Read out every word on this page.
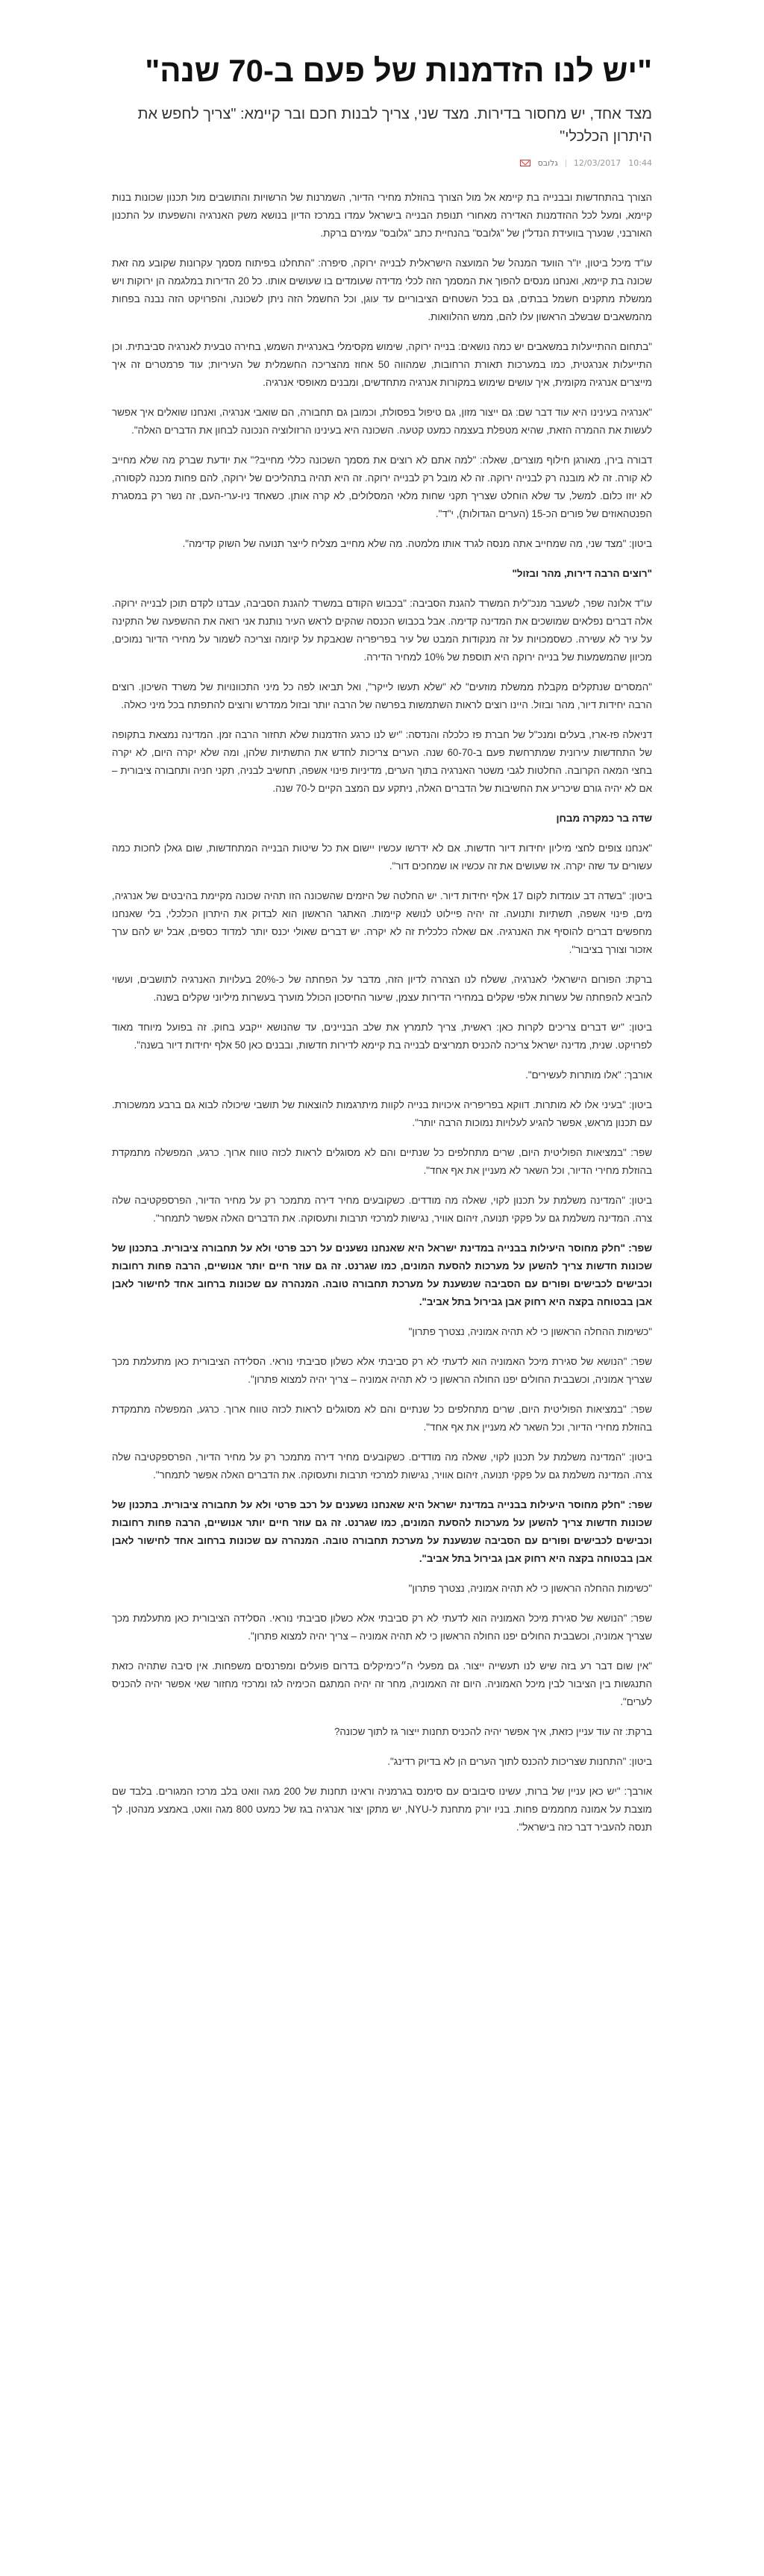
"יש לנו הזדמנות של פעם ב-70 שנה"
מצד אחד, יש מחסור בדירות. מצד שני, צריך לבנות חכם ובר קיימא: "צריך לחפש את היתרון הכלכלי"
10:44
12/03/2017
גלובס

הצורך בהתחדשות ובבנייה בת קיימא אל מול הצורך בהוזלת מחירי הדיור, השמרנות של הרשויות והתושבים מול תכנון שכונות בנות קיימא, ומעל לכל ההזדמנות האדירה מאחורי תנופת הבנייה בישראל עמדו במרכז הדיון בנושא משק האנרגיה והשפעתו על התכנון האורבני, שנערך בוועידת הנדל"ן של "גלובס" בהנחיית כתב "גלובס" עמירם ברקת.

עו"ד מיכל ביטון, יו"ר הוועד המנהל של המועצה הישראלית לבנייה ירוקה, סיפרה: "התחלנו בפיתוח מסמך עקרונות שקובע מה זאת שכונה בת קיימא, ואנחנו מנסים להפוך את המסמך הזה לכלי מדידה שעומדים בו שעושים אותו. כל 20 הדירות במלגמה הן ירוקות ויש ממשלת מתקנים חשמל בבתים, גם בכל השטחים הציבוריים עד עוגן, וכל החשמל הזה ניתן לשכונה, והפרויקט הזה נבנה בפחות מהמשאבים שבשלב הראשון עלו להם, ממש ההלוואות.

"בתחום ההתייעלות במשאבים יש כמה נושאים: בנייה ירוקה, שימוש מקסימלי באנרגיית השמש, בחירה טבעית לאנרגיה סביבתית. וכן התייעלות אנרגטית, כמו במערכות תאורת הרחובות, שמהווה 50 אחוז מהצריכה החשמלית של העיריות; עוד פרמטרים זה איך מייצרים אנרגיה מקומית, איך עושים שימוש במקורות אנרגיה מתחדשים, ומבנים מאופסי אנרגיה.

"אנרגיה בעינינו היא עוד דבר שם: גם ייצור מזון, גם טיפול בפסולת, וכמובן גם תחבורה, הם שואבי אנרגיה, ואנחנו שואלים איך אפשר לעשות את ההמרה הזאת, שהיא מטפלת בעצמה כמעט קטעה. השכונה היא בעינינו הרזולוציה הנכונה לבחון את הדברים האלה".

דבורה בירן, מאורגן חילוף מוצרים, שאלה: "למה אתם לא רוצים את מסמך השכונה כללי מחייב?" את יודעת שברק מה שלא מחייב לא קורה. זה לא מובנה רק לבנייה ירוקה. זה לא מובל רק לבנייה ירוקה. זה היא תהיה בתהליכים של ירוקה, להם פחות מכנה לקסורה, לא יוזו כלום. למשל, עד שלא הוחלט שצריך תקני שחות מלאי המסלולים, לא קרה אותן. כשאחד ניו-ערי-העם, זה נשר רק במסגרת הפנטהאוזים של פורים הכ-15 (הערים הגדולות), י"ד".

ביטון: "מצד שני, מה שמחייב אתה מנסה לגרד אותו מלמטה. מה שלא מחייב מצליח לייצר תנועה של השוק קדימה".

"רוצים הרבה דירות, מהר ובזול"

עו"ד אלונה שפר, לשעבר מנכ"לית המשרד להגנת הסביבה: "בכבוש הקודם במשרד להגנת הסביבה, עבדנו לקדם תוכן לבנייה ירוקה. אלה דברים נפלאים שמושכים את המדינה קדימה. אבל בכבוש הכנסה שהקים לראש העיר נותנת אני רואה את ההשפעה של התקינה על עיר לא עשירה. כשסמכויות על זה מנקודות המבט של עיר בפריפריה שנאבקת על קיומה וצריכה לשמור על מחירי הדיור נמוכים, מכיוון שהמשמעות של בנייה ירוקה היא תוספת של 10% למחיר הדירה.

"המסרים שנתקלים מקבלת ממשלת מוזעים" לא "שלא תעשו לייקר", ואל תביאו לפה כל מיני התכוונויות של משרד השיכון. רוצים הרבה יחידות דיור, מהר ובזול. היינו רוצים לראות השתמשות בפרשה של הרבה יותר ובזול ממדרש ורוצים להתפתח בכל מיני כאלה.

דניאלה פז-ארז, בעלים ומנכ"ל של חברת פז כלכלה והנדסה: "יש לנו כרגע הזדמנות שלא תחזור הרבה זמן. המדינה נמצאת בתקופה של התחדשות עירונית שמתרחשת פעם ב-60-70 שנה. הערים צריכות לחדש את התשתיות שלהן, ומה שלא יקרה היום, לא יקרה בחצי המאה הקרובה. החלטות לגבי משטר האנרגיה בתוך הערים, מדיניות פינוי אשפה, תחשיב לבניה, תקני חניה ותחבורה ציבורית – אם לא יהיה גורם שיכריע את החשיבות של הדברים האלה, ניתקע עם המצב הקיים ל-70 שנה.

שדה בר כמקרה מבחן

"אנחנו צופים לחצי מיליון יחידות דיור חדשות. אם לא ידרשו עכשיו יישום את כל שיטות הבנייה המתחדשות, שום גאלן לחכות כמה עשורים עד שזה יקרה. אז שעושים את זה עכשיו או שמחכים דור".

ביטון: "בשדה דב עומדות לקום 17 אלף יחידות דיור. יש החלטה של היזמים שהשכונה הזו תהיה שכונה מקיימת בהיבטים של אנרגיה, מים, פינוי אשפה, תשתיות ותנועה. זה יהיה פיילוט לנושא קיימות. האתגר הראשון הוא לבדוק את היתרון הכלכלי, בלי שאנחנו מחפשים דברים להוסיף את האנרגיה. אם שאלה כלכלית זה לא יקרה. יש דברים שאולי יכנס יותר למדוד כספים, אבל יש להם ערך אזכור וצורך בציבור".

ברקת: הפורום הישראלי לאנרגיה, ששלח לנו הצהרה לדיון הזה, מדבר על הפחתה של כ-20% בעלויות האנרגיה לתושבים, ועשוי להביא להפחתה של עשרות אלפי שקלים במחירי הדירות עצמן, שיעור החיסכון הכולל מוערך בעשרות מיליוני שקלים בשנה.

ביטון: "יש דברים צריכים לקרות כאן: ראשית, צריך לתמרץ את שלב הבניינים, עד שהנושא ייקבע בחוק. זה בפועל מיוחד מאוד לפרויקט. שנית, מדינה ישראל צריכה להכניס תמריצים לבנייה בת קיימא לדירות חדשות, ובבנים כאן 50 אלף יחידות דיור בשנה".

אורבך: "אלו מותרות לעשירים".

ביטון: "בעיני אלו לא מותרות. דווקא בפריפריה איכויות בנייה לקוות מיתרגמות להוצאות של תושבי שיכולה לבוא גם ברבע ממשכורת. עם תכנון מראש, אפשר להגיע לעלויות נמוכות הרבה יותר".

שפר: "במציאות הפוליטית היום, שרים מתחלפים כל שנתיים והם לא מסוגלים לראות לכזה טווח ארוך. כרגע, המפשלה מתמקדת בהוזלת מחירי הדיור, וכל השאר לא מעניין את אף אחד".

ביטון: "המדינה משלמת על תכנון לקוי, שאלה מה מודדים. כשקובעים מחיר דירה מתמכר רק על מחיר הדיור, הפרספקטיבה שלה צרה. המדינה משלמת גם על פקקי תנועה, זיהום אוויר, נגישות למרכזי תרבות ותעסוקה. את הדברים האלה אפשר לתמחר".

שפר: "חלק מחוסר היעילות בבנייה במדינת ישראל היא שאנחנו נשענים על רכב פרטי ולא על תחבורה ציבורית. בתכנון של שכונות חדשות צריך להשען על מערכות להסעת המונים, כמו שגרנט. זה גם עוזר חיים יותר אנושיים, הרבה פחות רחובות וכבישים לכבישים ופורים עם הסביבה שנשענת על מערכת תחבורה טובה. המנהרה עם שכונות ברחוב אחד לחישור לאבן אבן בבטוחה בקצה היא רחוק אבן גבירול בתל אביב".

"כשימות ההחלה הראשון כי לא תהיה אמוניה, נצטרך פתרון"

שפר: "הנושא של סגירת מיכל האמוניה הוא לדעתי לא רק סביבתי אלא כשלון סביבתי נוראי. הסלידה הציבורית כאן מתעלמת מכך שצריך אמוניה, וכשבבית החולים יפנו החולה הראשון כי לא תהיה אמוניה – צריך יהיה למצוא פתרון".

שפר: "במציאות הפוליטית היום, שרים מתחלפים כל שנתיים והם לא מסוגלים לראות לכזה טווח ארוך. כרגע, המפשלה מתמקדת בהוזלת מחירי הדיור, וכל השאר לא מעניין את אף אחד".

ביטון: "המדינה משלמת על תכנון לקוי, שאלה מה מודדים. כשקובעים מחיר דירה מתמכר רק על מחיר הדיור, הפרספקטיבה שלה צרה. המדינה משלמת גם על פקקי תנועה, זיהום אוויר, נגישות למרכזי תרבות ותעסוקה. את הדברים האלה אפשר לתמחר".

שפר: "חלק מחוסר היעילות בבנייה במדינת ישראל היא שאנחנו נשענים על רכב פרטי ולא על תחבורה ציבורית. בתכנון של שכונות חדשות צריך להשען על מערכות להסעת המונים, כמו שגרנט. זה גם עוזר חיים יותר אנושיים, הרבה פחות רחובות וכבישים לכבישים ופורים עם הסביבה שנשענת על מערכת תחבורה טובה. המנהרה עם שכונות ברחוב אחד לחישור לאבן אבן בבטוחה בקצה היא רחוק אבן גבירול בתל אביב".

"כשימות ההחלה הראשון כי לא תהיה אמוניה, נצטרך פתרון"

שפר: "הנושא של סגירת מיכל האמוניה הוא לדעתי לא רק סביבתי אלא כשלון סביבתי נוראי. הסלידה הציבורית כאן מתעלמת מכך שצריך אמוניה, וכשבבית החולים יפנו החולה הראשון כי לא תהיה אמוניה – צריך יהיה למצוא פתרון".

"אין שום דבר רע בזה שיש לנו תעשייה ייצור. גם מפעלי ה״כימיקלים בדרום פועלים ומפרנסים משפחות. אין סיבה שתהיה כזאת התנגשות בין הציבור לבין מיכל האמוניה. היום זה האמוניה, מחר זה יהיה המתגם הכימיה לגז ומרכזי מחזור שאי אפשר יהיה להכניס לערים".

ברקת: זה עוד עניין כזאת, איך אפשר יהיה להכניס תחנות ייצור גז לתוך שכונה?

ביטון: "התחנות שצריכות להכנס לתוך הערים הן לא בדיוק רדינג".

אורבך: "יש כאן עניין של ברות, עשינו סיבובים עם סימנס בגרמניה וראינו תחנות של 200 מגה וואט בלב מרכז המגורים. בלבד שם מוצבת על אמונה מחממים פחות. בניו יורק מתחנת ל-NYU, יש מתקן יצור אנרגיה בגז של כמעט 800 מגה וואט, באמצע מנהטן. לך תנסה להעביר דבר כזה בישראל".
